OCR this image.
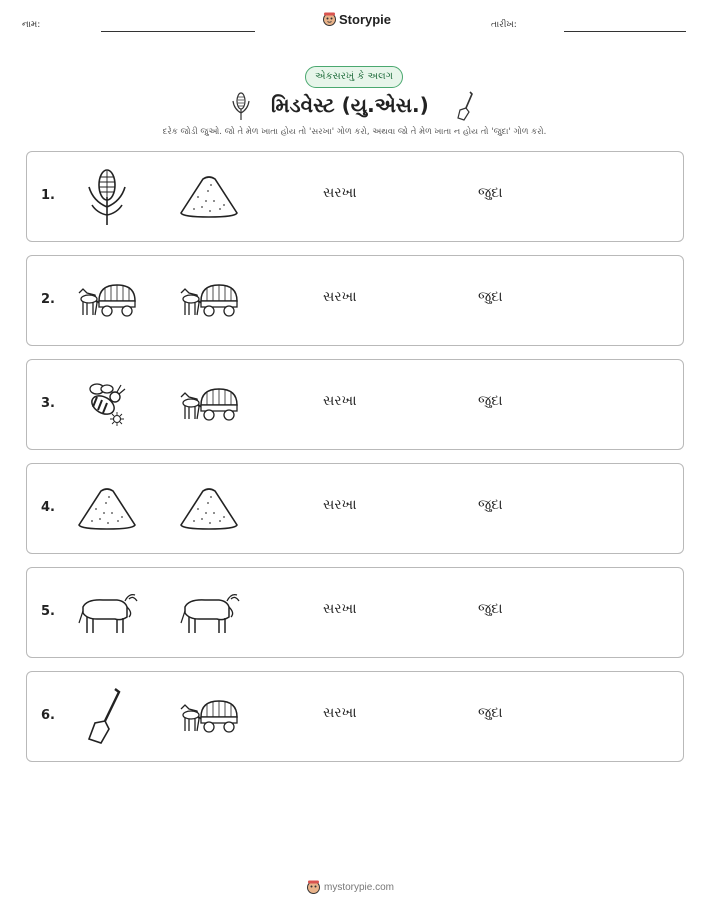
નામ:	Storypie	તારીખ:
એકસરખું કે અલગ
મિડવેસ્ટ (યુ.એસ.)
દરેક જોડી જુઓ. જો તે મેળ ખાતા હોય તો 'સરખા' ગોળ કરો, અથવા જો તે મેળ ખાતા ન હોય તો 'જુદા' ગોળ કરો.
1.	સરખા	જુદા
2.	સરખા	જુદા
3.	સરખા	જુદા
4.	સરખા	જુદા
5.	સરખા	જુદા
6.	સરખા	જુદા
mystorypie.com
